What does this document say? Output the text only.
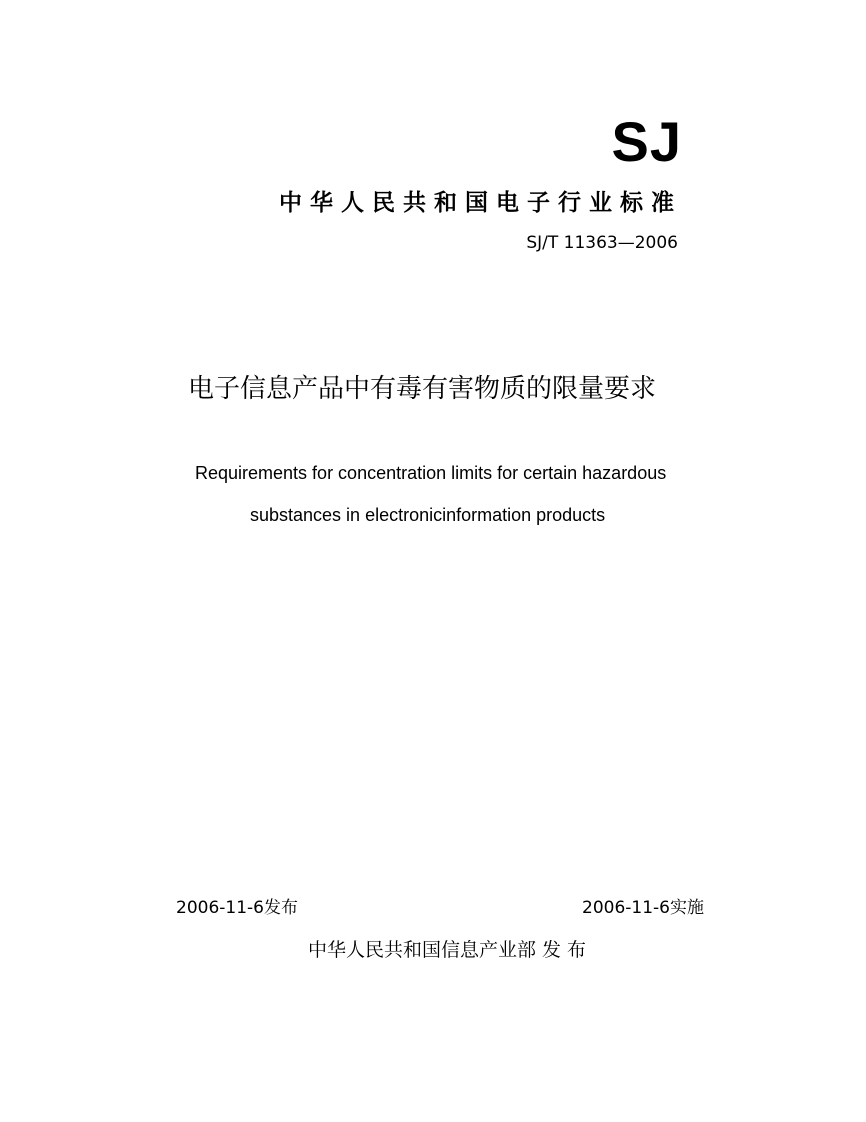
SJ
中华人民共和国电子行业标准
SJ/T 11363—2006
电子信息产品中有毒有害物质的限量要求
Requirements for concentration limits for certain hazardous
substances in electronicinformation products
2006-11-6发布	2006-11-6实施
中华人民共和国信息产业部 发 布
